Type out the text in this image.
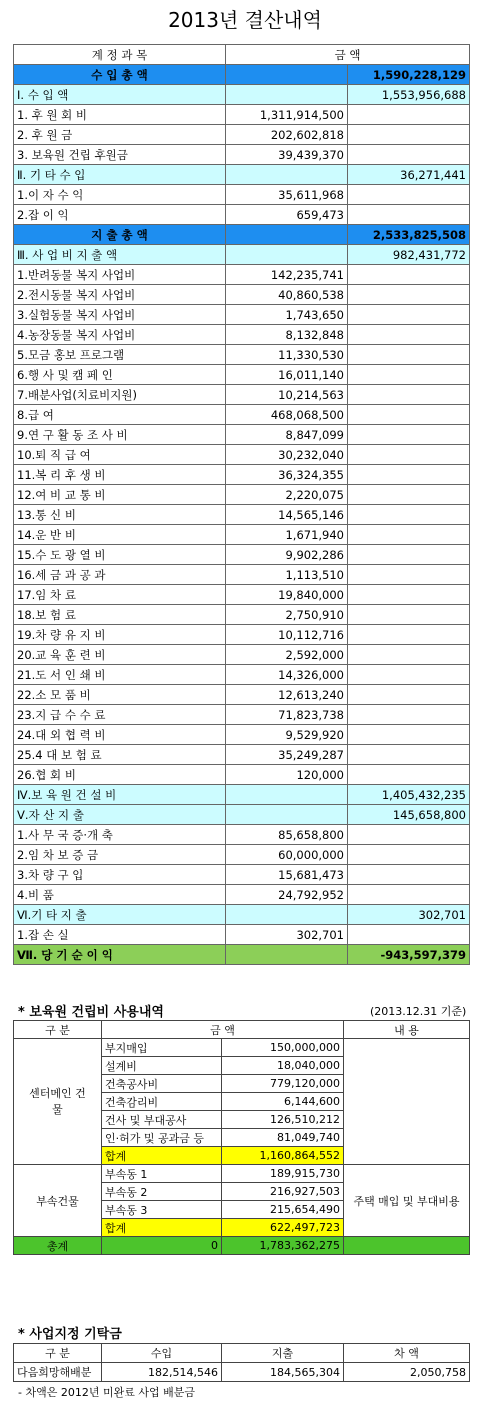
2013년 결산내역
계 정 과 목	금 액	
수 입 총 액		1,590,228,129
Ⅰ. 수 입 액		1,553,956,688
1. 후 원 회 비	1,311,914,500	
2. 후 원 금	202,602,818	
3. 보육원 건립 후원금	39,439,370	
Ⅱ. 기 타 수 입		36,271,441
1.이 자 수 익	35,611,968	
2.잡 이 익	659,473	
지 출 총 액		2,533,825,508
Ⅲ. 사 업 비 지 출 액		982,431,772
1.반려동물 복지 사업비	142,235,741	
2.전시동물 복지 사업비	40,860,538	
3.실험동물 복지 사업비	1,743,650	
4.농장동물 복지 사업비	8,132,848	
5.모금 홍보 프로그램	11,330,530	
6.행 사 및 캠 페 인	16,011,140	
7.배분사업(치료비지원)	10,214,563	
8.급 여	468,068,500	
9.연 구 활 동 조 사 비	8,847,099	
10.퇴 직 급 여	30,232,040	
11.복 리 후 생 비	36,324,355	
12.여 비 교 통 비	2,220,075	
13.통 신 비	14,565,146	
14.운 반 비	1,671,940	
15.수 도 광 열 비	9,902,286	
16.세 금 과 공 과	1,113,510	
17.임 차 료	19,840,000	
18.보 험 료	2,750,910	
19.차 량 유 지 비	10,112,716	
20.교 육 훈 련 비	2,592,000	
21.도 서 인 쇄 비	14,326,000	
22.소 모 품 비	12,613,240	
23.지 급 수 수 료	71,823,738	
24.대 외 협 력 비	9,529,920	
25.4 대 보 험 료	35,249,287	
26.협 회 비	120,000	
Ⅳ.보 육 원 건 설 비		1,405,432,235
Ⅴ.자 산 지 출		145,658,800
1.사 무 국 증·개 축	85,658,800	
2.임 차 보 증 금	60,000,000	
3.차 량 구 입	15,681,473	
4.비 품	24,792,952	
Ⅵ.기 타 지 출		302,701
1.잡 손 실	302,701	
Ⅶ. 당 기 순 이 익		-943,597,379
* 보육원 건립비 사용내역	(2013.12.31 기준)
구 분	금 액		내 용
센터메인 건물	부지매입	150,000,000	
	설계비	18,040,000	
	건축공사비	779,120,000	
	건축감리비	6,144,600	
	건사 및 부대공사	126,510,212	
	인·허가 및 공과금 등	81,049,740	
	합계	1,160,864,552	
부속건물	부속동 1	189,915,730	주택 매입 및 부대비용
	부속동 2	216,927,503	
	부속동 3	215,654,490	
	합계	622,497,723	
총계	0	1,783,362,275	
* 사업지정 기탁금
구 분	수입	지출	차 액
다음희망해배분	182,514,546	184,565,304	2,050,758
- 차액은 2012년 미완료 사업 배분금
